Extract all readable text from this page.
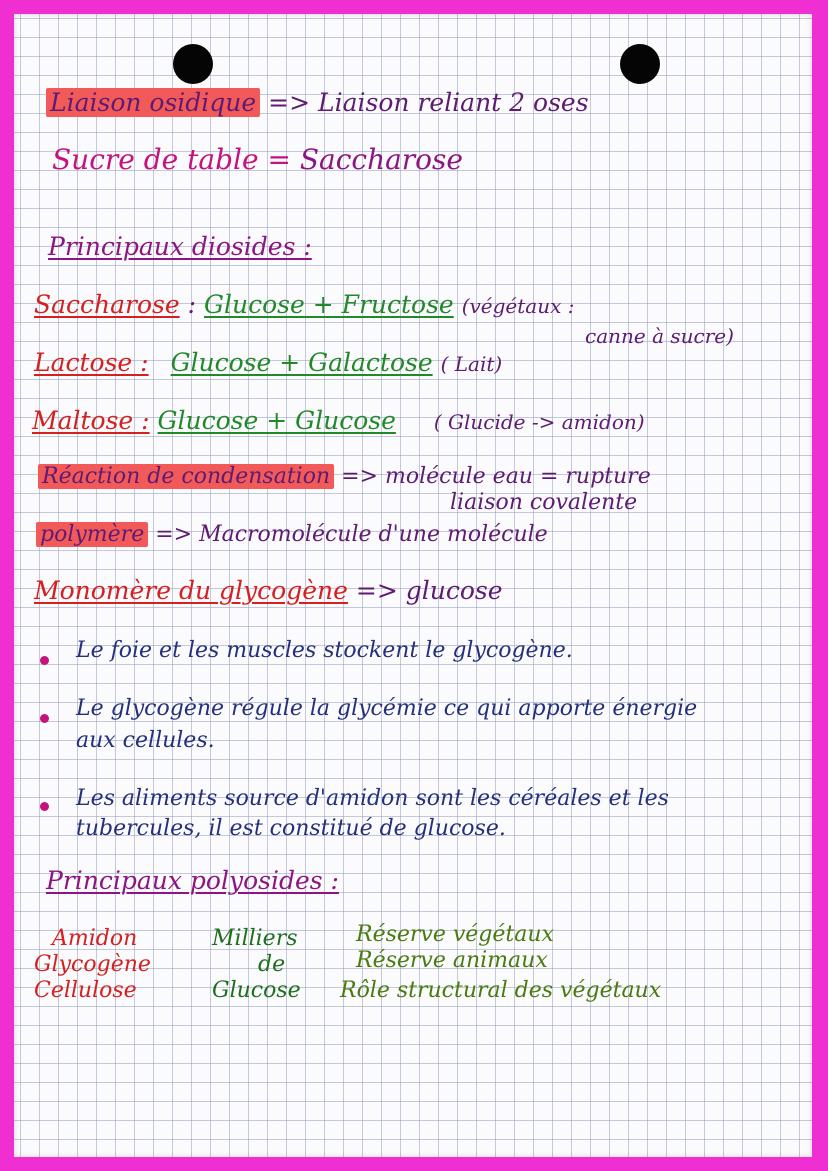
Liaison osidique => Liaison reliant 2 oses
Sucre de table = Saccharose
Principaux diosides :
Saccharose : Glucose + Fructose (végétaux :
canne à sucre)
Lactose : Glucose + Galactose ( Lait)
Maltose : Glucose + Glucose ( Glucide -> amidon)
Réaction de condensation => molécule eau = rupture
liaison covalente
polymère => Macromolécule d'une molécule
Monomère du glycogène => glucose
Le foie et les muscles stockent le glycogène.
Le glycogène régule la glycémie ce qui apporte énergie
aux cellules.
Les aliments source d'amidon sont les céréales et les
tubercules, il est constitué de glucose.
Principaux polyosides :
Amidon
Glycogène
Cellulose
Milliers
de
Glucose
Réserve végétaux
Réserve animaux
Rôle structural des végétaux
